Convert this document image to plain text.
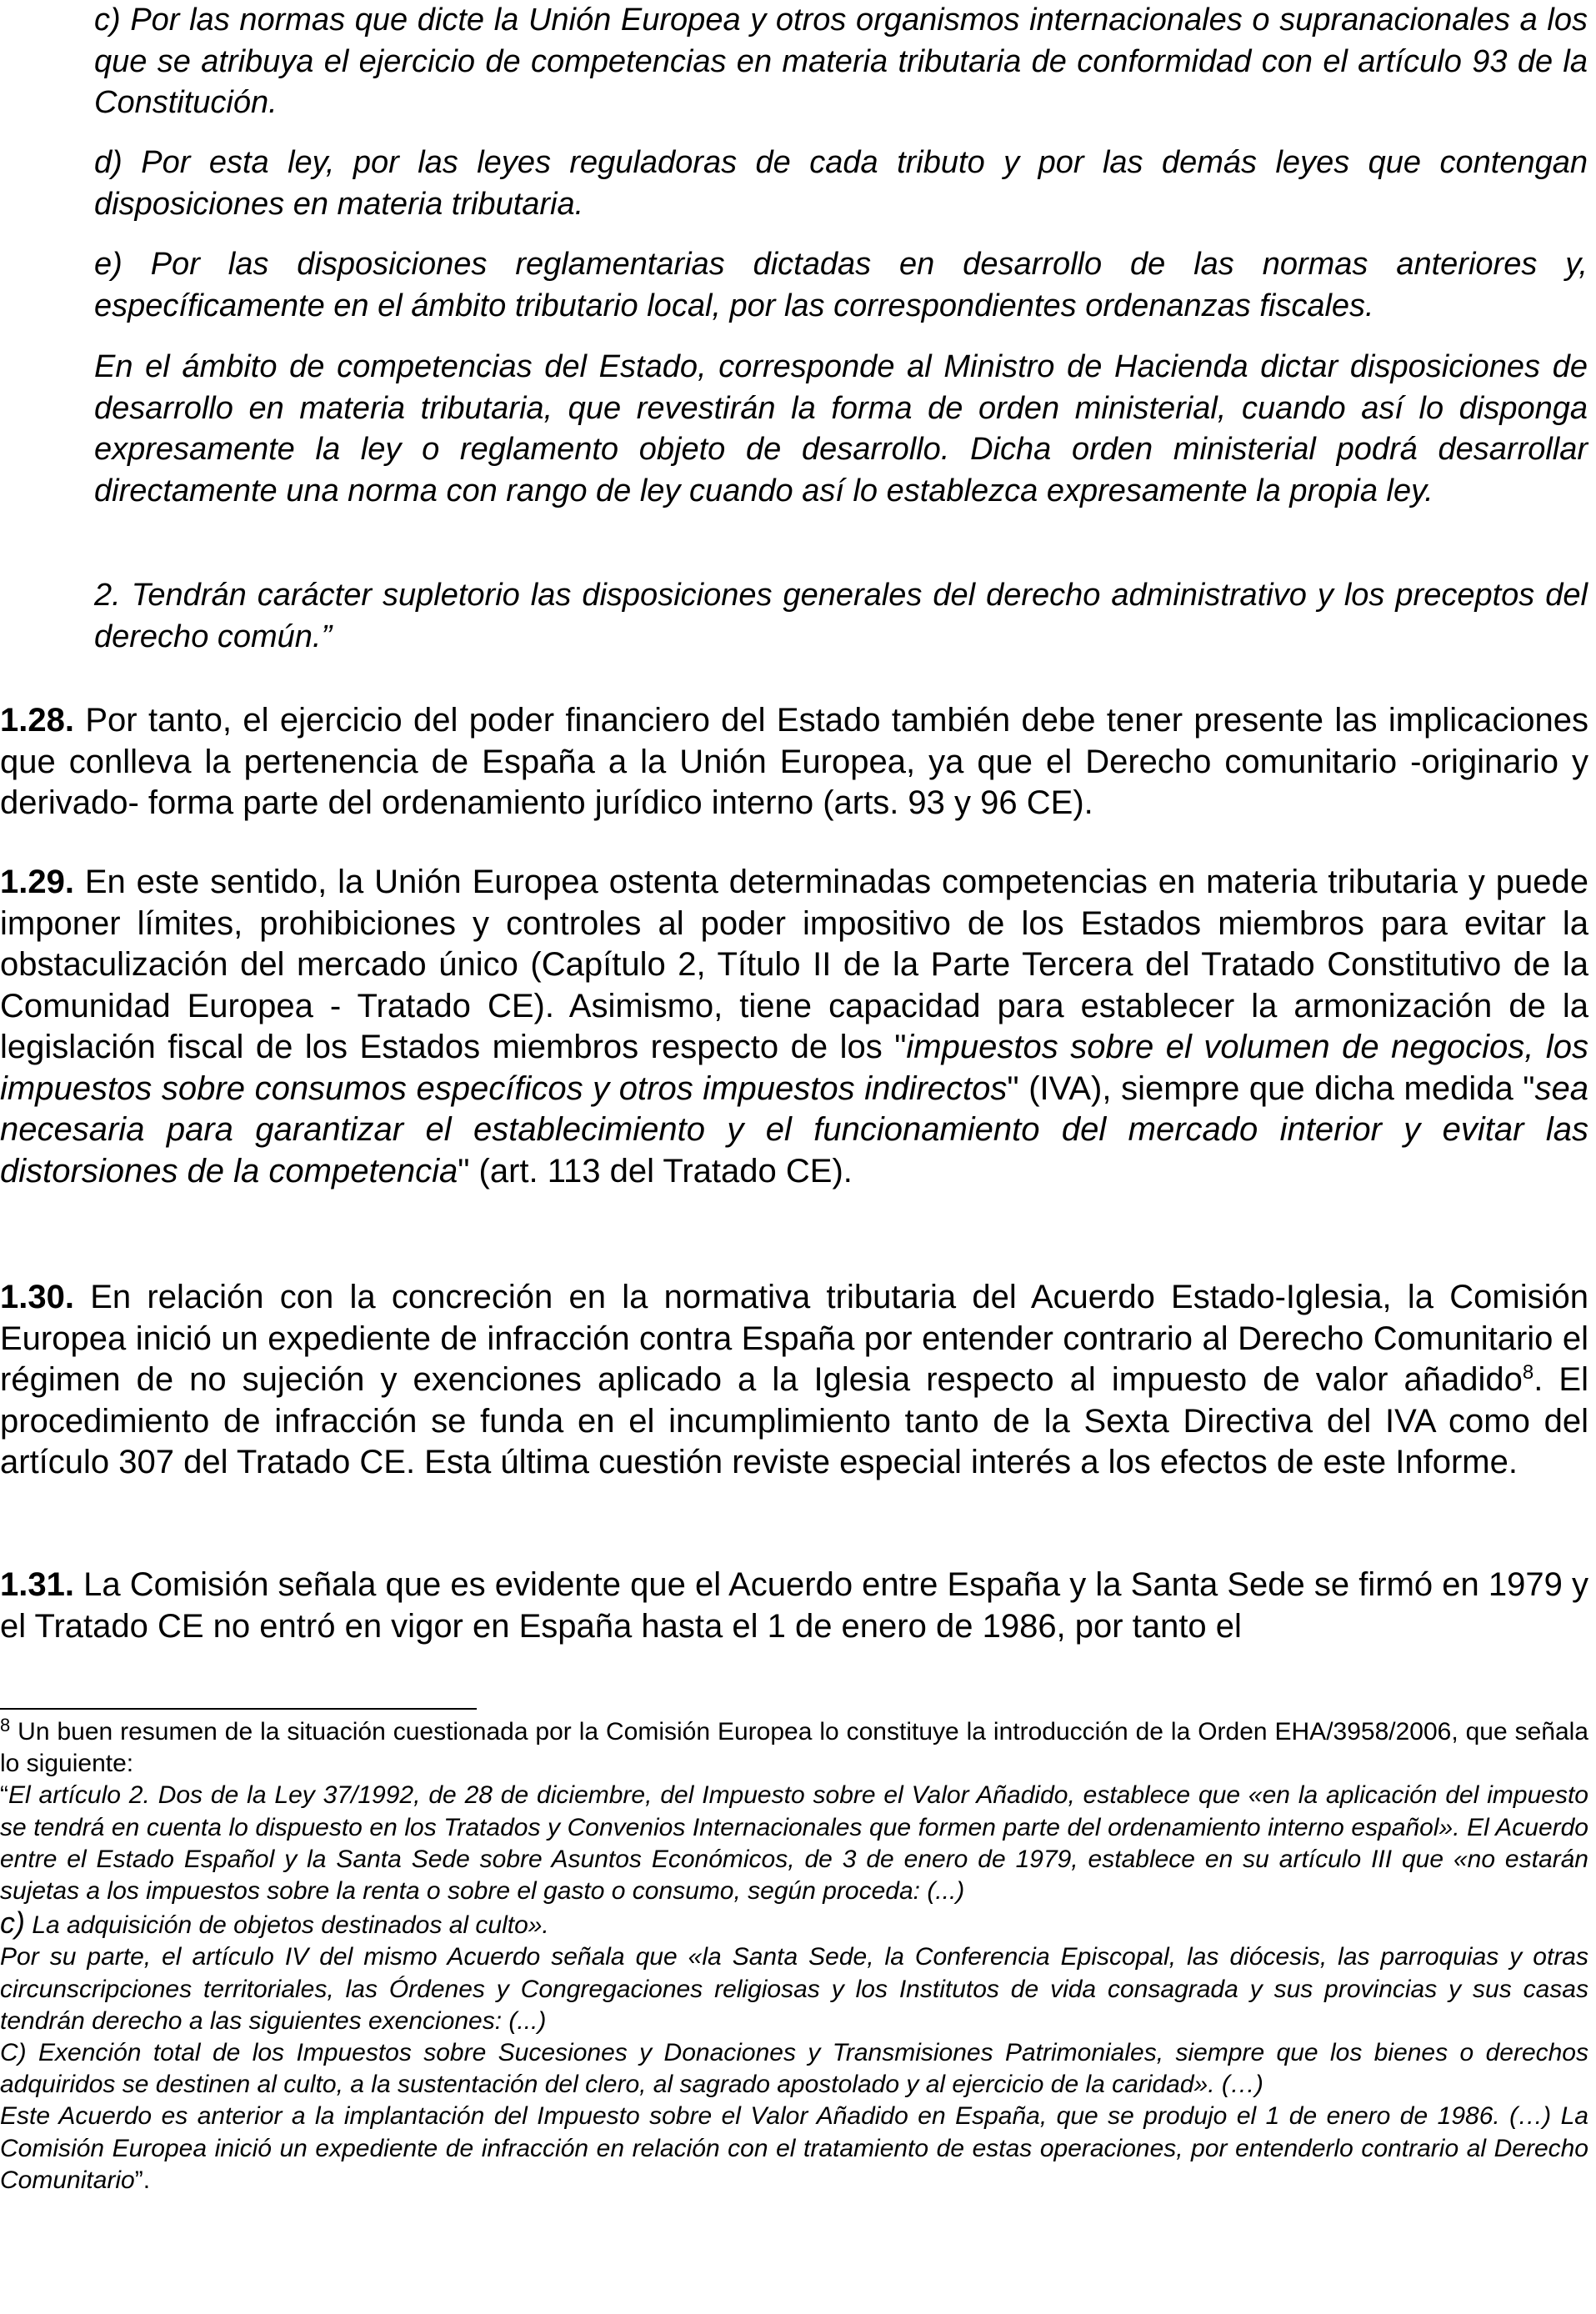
c) Por las normas que dicte la Unión Europea y otros organismos internacionales o supranacionales a los que se atribuya el ejercicio de competencias en materia tributaria de conformidad con el artículo 93 de la Constitución.

d) Por esta ley, por las leyes reguladoras de cada tributo y por las demás leyes que contengan disposiciones en materia tributaria.

e) Por las disposiciones reglamentarias dictadas en desarrollo de las normas anteriores y, específicamente en el ámbito tributario local, por las correspondientes ordenanzas fiscales.

En el ámbito de competencias del Estado, corresponde al Ministro de Hacienda dictar disposiciones de desarrollo en materia tributaria, que revestirán la forma de orden ministerial, cuando así lo disponga expresamente la ley o reglamento objeto de desarrollo. Dicha orden ministerial podrá desarrollar directamente una norma con rango de ley cuando así lo establezca expresamente la propia ley.

2. Tendrán carácter supletorio las disposiciones generales del derecho administrativo y los preceptos del derecho común.”

1.28. Por tanto, el ejercicio del poder financiero del Estado también debe tener presente las implicaciones que conlleva la pertenencia de España a la Unión Europea, ya que el Derecho comunitario -originario y derivado- forma parte del ordenamiento jurídico interno (arts. 93 y 96 CE).

1.29. En este sentido, la Unión Europea ostenta determinadas competencias en materia tributaria y puede imponer límites, prohibiciones y controles al poder impositivo de los Estados miembros para evitar la obstaculización del mercado único (Capítulo 2, Título II de la Parte Tercera del Tratado Constitutivo de la Comunidad Europea - Tratado CE). Asimismo, tiene capacidad para establecer la armonización de la legislación fiscal de los Estados miembros respecto de los "impuestos sobre el volumen de negocios, los impuestos sobre consumos específicos y otros impuestos indirectos" (IVA), siempre que dicha medida "sea necesaria para garantizar el establecimiento y el funcionamiento del mercado interior y evitar las distorsiones de la competencia" (art. 113 del Tratado CE).

1.30. En relación con la concreción en la normativa tributaria del Acuerdo Estado-Iglesia, la Comisión Europea inició un expediente de infracción contra España por entender contrario al Derecho Comunitario el régimen de no sujeción y exenciones aplicado a la Iglesia respecto al impuesto de valor añadido$^8$. El procedimiento de infracción se funda en el incumplimiento tanto de la Sexta Directiva del IVA como del artículo 307 del Tratado CE. Esta última cuestión reviste especial interés a los efectos de este Informe.

1.31. La Comisión señala que es evidente que el Acuerdo entre España y la Santa Sede se firmó en 1979 y el Tratado CE no entró en vigor en España hasta el 1 de enero de 1986, por tanto el

$^8$ Un buen resumen de la situación cuestionada por la Comisión Europea lo constituye la introducción de la Orden EHA/3958/2006, que señala lo siguiente:

“El artículo 2. Dos de la Ley 37/1992, de 28 de diciembre, del Impuesto sobre el Valor Añadido, establece que «en la aplicación del impuesto se tendrá en cuenta lo dispuesto en los Tratados y Convenios Internacionales que formen parte del ordenamiento interno español». El Acuerdo entre el Estado Español y la Santa Sede sobre Asuntos Económicos, de 3 de enero de 1979, establece en su artículo III que «no estarán sujetas a los impuestos sobre la renta o sobre el gasto o consumo, según proceda: (...)

c) La adquisición de objetos destinados al culto».

Por su parte, el artículo IV del mismo Acuerdo señala que «la Santa Sede, la Conferencia Episcopal, las diócesis, las parroquias y otras circunscripciones territoriales, las Órdenes y Congregaciones religiosas y los Institutos de vida consagrada y sus provincias y sus casas tendrán derecho a las siguientes exenciones: (...)

C) Exención total de los Impuestos sobre Sucesiones y Donaciones y Transmisiones Patrimoniales, siempre que los bienes o derechos adquiridos se destinen al culto, a la sustentación del clero, al sagrado apostolado y al ejercicio de la caridad». (…)

Este Acuerdo es anterior a la implantación del Impuesto sobre el Valor Añadido en España, que se produjo el 1 de enero de 1986. (…) La Comisión Europea inició un expediente de infracción en relación con el tratamiento de estas operaciones, por entenderlo contrario al Derecho Comunitario”.
